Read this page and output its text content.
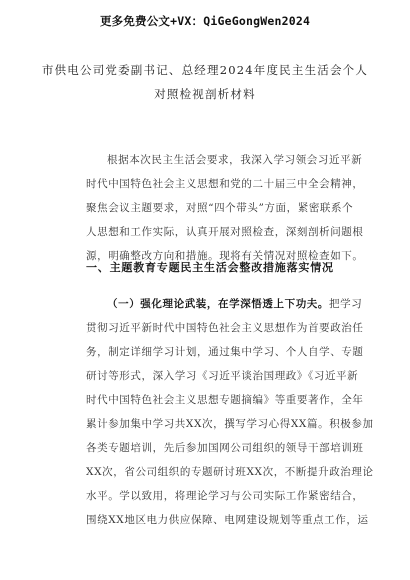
更多免费公文+VX：QiGeGongWen2024
市供电公司党委副书记、总经理2024年度民主生活会个人
对照检视剖析材料
根据本次民主生活会要求，我深入学习领会习近平新
时代中国特色社会主义思想和党的二十届三中全会精神，
聚焦会议主题要求，对照“四个带头”方面，紧密联系个
人思想和工作实际，认真开展对照检查，深刻剖析问题根
源，明确整改方向和措施。现将有关情况对照检查如下。
一、主题教育专题民主生活会整改措施落实情况
（一）强化理论武装，在学深悟透上下功夫。把学习
贯彻习近平新时代中国特色社会主义思想作为首要政治任
务，制定详细学习计划，通过集中学习、个人自学、专题
研讨等形式，深入学习《习近平谈治国理政》《习近平新
时代中国特色社会主义思想专题摘编》等重要著作，全年
累计参加集中学习共XX次，撰写学习心得XX篇。积极参加
各类专题培训，先后参加国网公司组织的领导干部培训班
XX次，省公司组织的专题研讨班XX次，不断提升政治理论
水平。学以致用，将理论学习与公司实际工作紧密结合，
围绕XX地区电力供应保障、电网建设规划等重点工作，运
